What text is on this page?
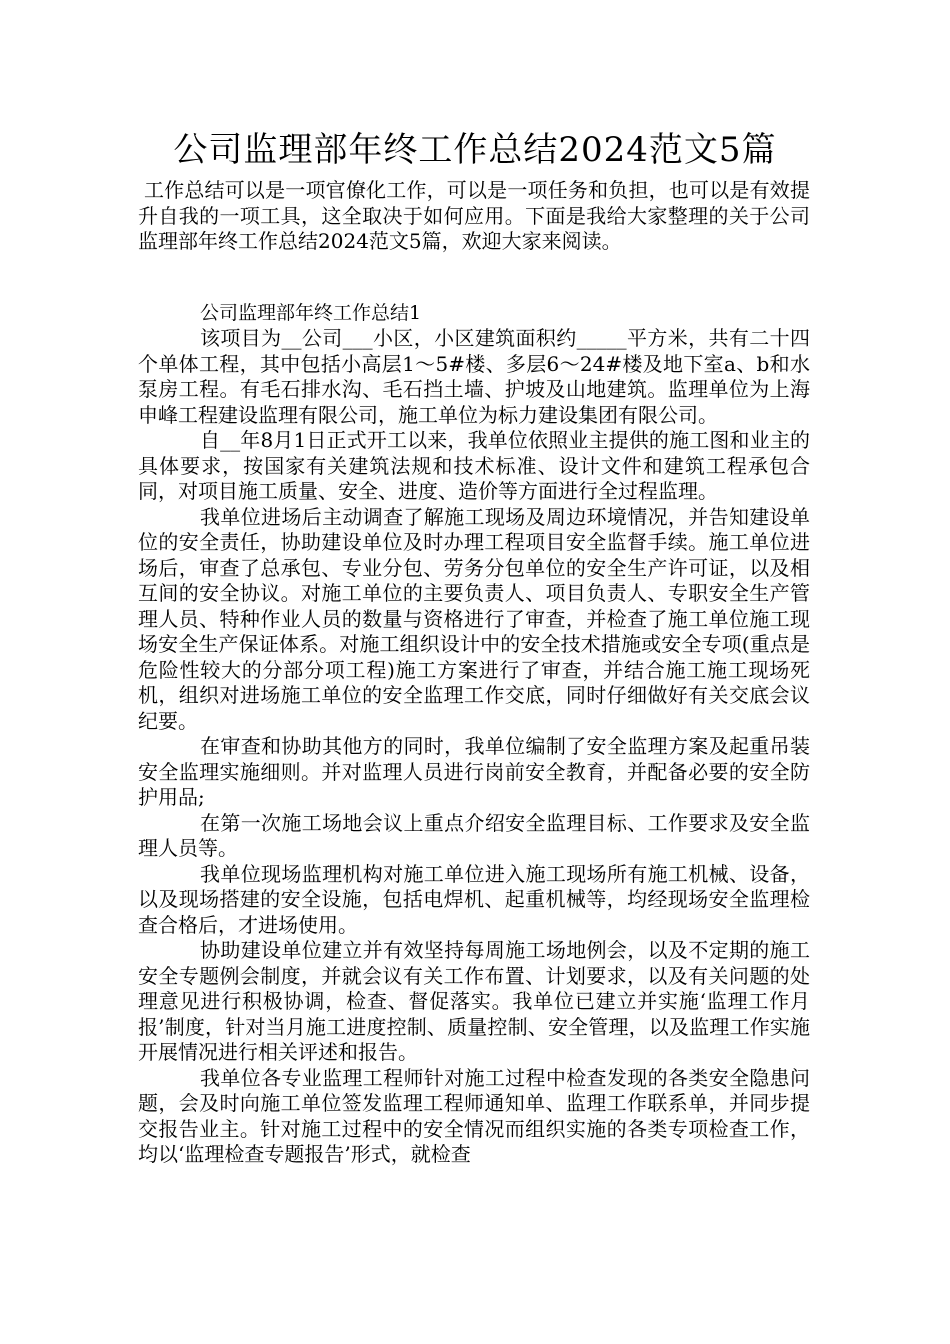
公司监理部年终工作总结2024范文5篇

工作总结可以是一项官僚化工作，可以是一项任务和负担，也可以是有效提升自我的一项工具，这全取决于如何应用。下面是我给大家整理的关于公司监理部年终工作总结2024范文5篇，欢迎大家来阅读。

公司监理部年终工作总结1

该项目为__公司___小区，小区建筑面积约_____平方米，共有二十四个单体工程，其中包括小高层1～5#楼、多层6～24#楼及地下室a、b和水泵房工程。有毛石排水沟、毛石挡土墙、护坡及山地建筑。监理单位为上海申峰工程建设监理有限公司，施工单位为标力建设集团有限公司。

自__年8月1日正式开工以来，我单位依照业主提供的施工图和业主的具体要求，按国家有关建筑法规和技术标准、设计文件和建筑工程承包合同，对项目施工质量、安全、进度、造价等方面进行全过程监理。

我单位进场后主动调查了解施工现场及周边环境情况，并告知建设单位的安全责任，协助建设单位及时办理工程项目安全监督手续。施工单位进场后，审查了总承包、专业分包、劳务分包单位的安全生产许可证，以及相互间的安全协议。对施工单位的主要负责人、项目负责人、专职安全生产管理人员、特种作业人员的数量与资格进行了审查，并检查了施工单位施工现场安全生产保证体系。对施工组织设计中的安全技术措施或安全专项(重点是危险性较大的分部分项工程)施工方案进行了审查，并结合施工施工现场死机，组织对进场施工单位的安全监理工作交底，同时仔细做好有关交底会议纪要。

在审查和协助其他方的同时，我单位编制了安全监理方案及起重吊装安全监理实施细则。并对监理人员进行岗前安全教育，并配备必要的安全防护用品;

在第一次施工场地会议上重点介绍安全监理目标、工作要求及安全监理人员等。

我单位现场监理机构对施工单位进入施工现场所有施工机械、设备，以及现场搭建的安全设施，包括电焊机、起重机械等，均经现场安全监理检查合格后，才进场使用。

协助建设单位建立并有效坚持每周施工场地例会，以及不定期的施工安全专题例会制度，并就会议有关工作布置、计划要求，以及有关问题的处理意见进行积极协调，检查、督促落实。我单位已建立并实施‘监理工作月报’制度，针对当月施工进度控制、质量控制、安全管理，以及监理工作实施开展情况进行相关评述和报告。

我单位各专业监理工程师针对施工过程中检查发现的各类安全隐患问题，会及时向施工单位签发监理工程师通知单、监理工作联系单，并同步提交报告业主。针对施工过程中的安全情况而组织实施的各类专项检查工作，均以‘监理检查专题报告’形式，就检查
